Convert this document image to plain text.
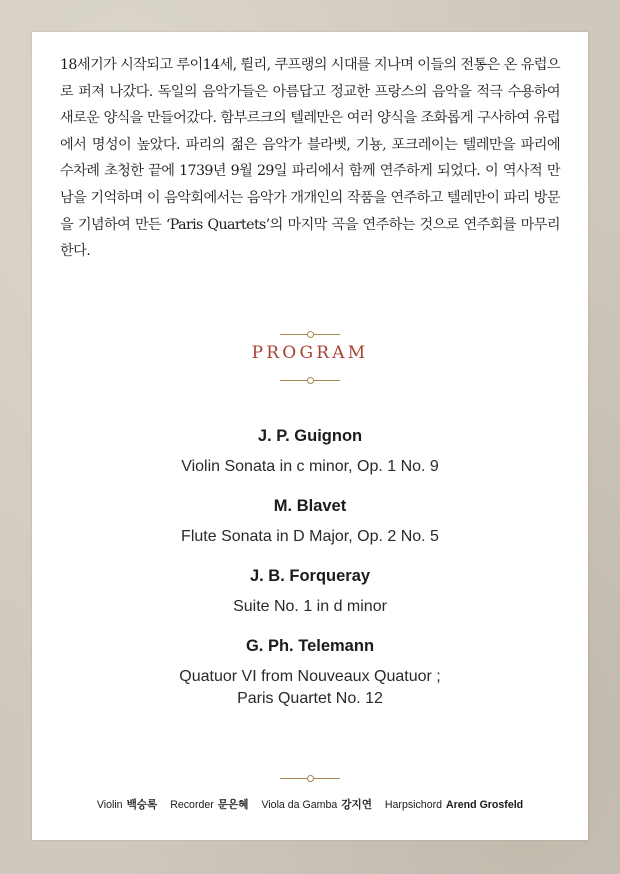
18세기가 시작되고 루이14세, 륄리, 쿠프랭의 시대를 지나며 이들의 전통은 온 유럽으로 퍼져 나갔다. 독일의 음악가들은 아름답고 정교한 프랑스의 음악을 적극 수용하여 새로운 양식을 만들어갔다. 함부르크의 텔레만은 여러 양식을 조화롭게 구사하여 유럽에서 명성이 높았다. 파리의 젊은 음악가 블라벳, 기뇽, 포크레이는 텔레만을 파리에 수차례 초청한 끝에 1739년 9월 29일 파리에서 함께 연주하게 되었다. 이 역사적 만남을 기억하며 이 음악회에서는 음악가 개개인의 작품을 연주하고 텔레만이 파리 방문을 기념하여 만든 ‘Paris Quartets’의 마지막 곡을 연주하는 것으로 연주회를 마무리한다.

PROGRAM
J. P. Guignon
Violin Sonata in c minor, Op. 1 No. 9
M. Blavet
Flute Sonata in D Major, Op. 2 No. 5
J. B. Forqueray
Suite No. 1 in d minor
G. Ph. Telemann
Quatuor VI from Nouveaux Quatuor ;
Paris Quartet No. 12
Violin 백승록 Recorder 문은혜 Viola da Gamba 강지연 Harpsichord Arend Grosfeld
